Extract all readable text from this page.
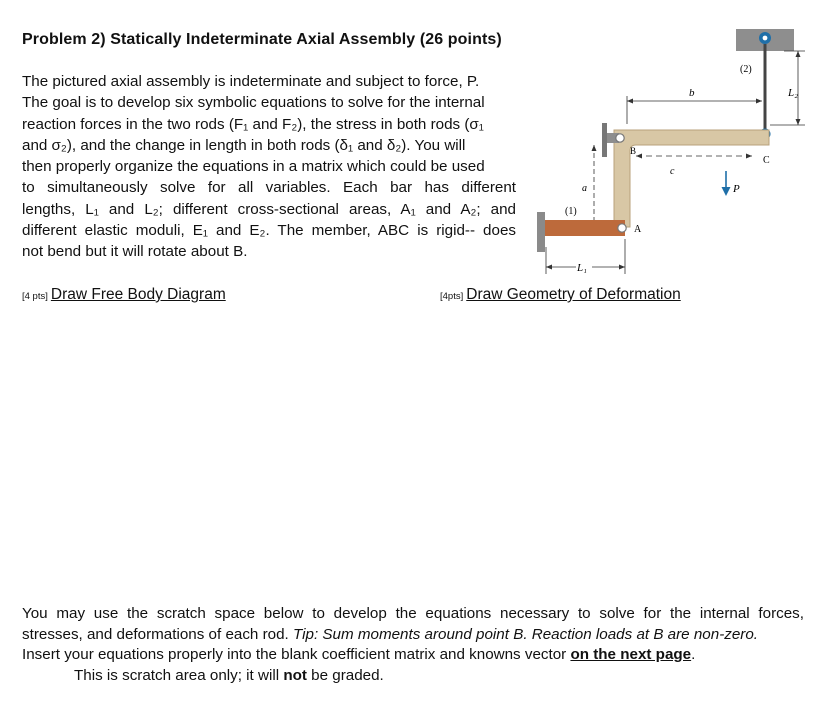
Problem 2) Statically Indeterminate Axial Assembly (26 points)
The pictured axial assembly is indeterminate and subject to force, P.
The goal is to develop six symbolic equations to solve for the internal
reaction forces in the two rods (F₁ and F₂), the stress in both rods (σ₁
and σ₂), and the change in length in both rods (δ₁ and δ₂). You will
then properly organize the equations in a matrix which could be used
to simultaneously solve for all variables. Each bar has different
lengths, L₁ and L₂; different cross-sectional areas, A₁ and A₂; and
different elastic moduli, E₁ and E₂. The member, ABC is rigid-- does
not bend but it will rotate about B.
[4 pts] Draw Free Body Diagram	[4pts] Draw Geometry of Deformation
L₂
(2)
b
c
B
C
a	P
(1)
A
L₁
You may use the scratch space below to develop the equations necessary to solve for the internal forces,
stresses, and deformations of each rod. Tip: Sum moments around point B. Reaction loads at B are non-zero.
Insert your equations properly into the blank coefficient matrix and knowns vector on the next page.
This is scratch area only; it will not be graded.
